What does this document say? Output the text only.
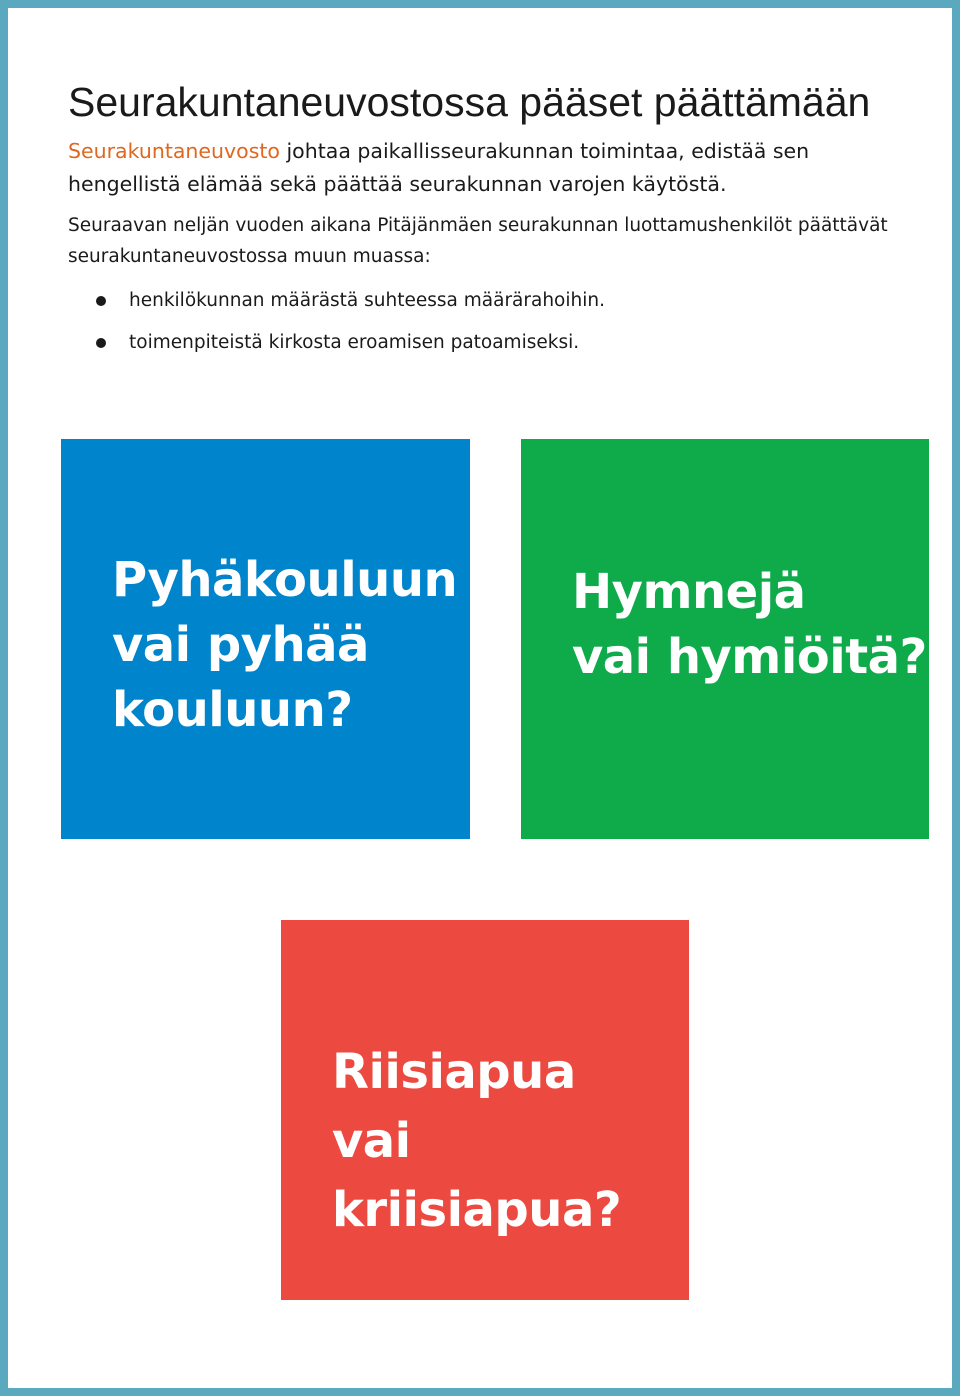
Seurakuntaneuvostossa pääset päättämään

Seurakuntaneuvosto johtaa paikallisseurakunnan toimintaa, edistää sen hengellistä elämää sekä päättää seurakunnan varojen käytöstä.

Seuraavan neljän vuoden aikana Pitäjänmäen seurakunnan luottamushenkilöt päättävät seurakuntaneuvostossa muun muassa:

henkilökunnan määrästä suhteessa määrärahoihin.
toimenpiteistä kirkosta eroamisen patoamiseksi.

Pyhäkouluun
vai pyhää
kouluun?

Hymnejä
vai hymiöitä?

Riisiapua
vai kriisiapua?
